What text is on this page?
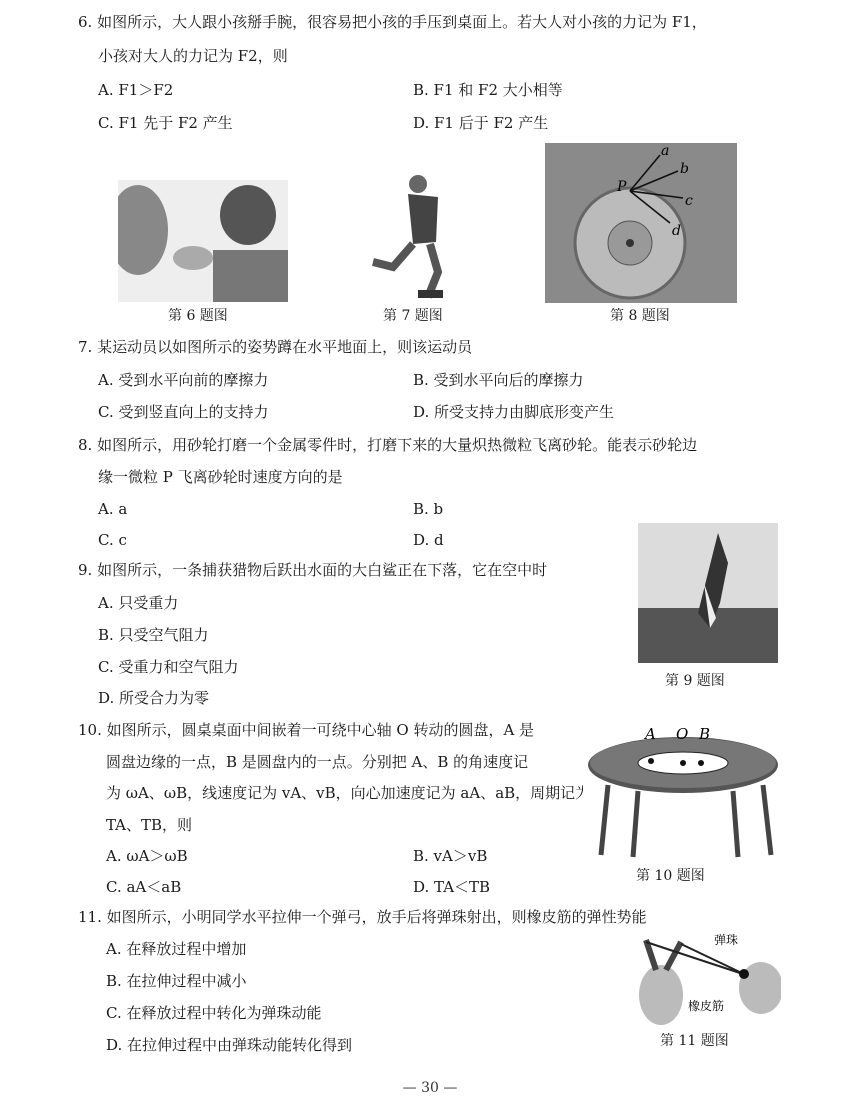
6. 如图所示，大人跟小孩掰手腕，很容易把小孩的手压到桌面上。若大人对小孩的力记为 F1，
小孩对大人的力记为 F2，则
A. F1＞F2	B. F1 和 F2 大小相等
C. F1 先于 F2 产生	D. F1 后于 F2 产生
第 6 题图	第 7 题图
a
b
c
d
P
第 8 题图
7. 某运动员以如图所示的姿势蹲在水平地面上，则该运动员
A. 受到水平向前的摩擦力	B. 受到水平向后的摩擦力
C. 受到竖直向上的支持力	D. 所受支持力由脚底形变产生
8. 如图所示，用砂轮打磨一个金属零件时，打磨下来的大量炽热微粒飞离砂轮。能表示砂轮边
缘一微粒 P 飞离砂轮时速度方向的是
A. a	B. b
C. c	D. d
9. 如图所示，一条捕获猎物后跃出水面的大白鲨正在下落，它在空中时
A. 只受重力
B. 只受空气阻力
C. 受重力和空气阻力
D. 所受合力为零
第 9 题图
10. 如图所示，圆桌桌面中间嵌着一可绕中心轴 O 转动的圆盘，A 是
圆盘边缘的一点，B 是圆盘内的一点。分别把 A、B 的角速度记
为 ωA、ωB，线速度记为 vA、vB，向心加速度记为 aA、aB，周期记为
TA、TB，则
A. ωA＞ωB	B. vA＞vB
C. aA＜aB	D. TA＜TB
A O B
第 10 题图
11. 如图所示，小明同学水平拉伸一个弹弓，放手后将弹珠射出，则橡皮筋的弹性势能
A. 在释放过程中增加
B. 在拉伸过程中减小
C. 在释放过程中转化为弹珠动能
D. 在拉伸过程中由弹珠动能转化得到
弹珠
橡皮筋
第 11 题图
— 30 —
